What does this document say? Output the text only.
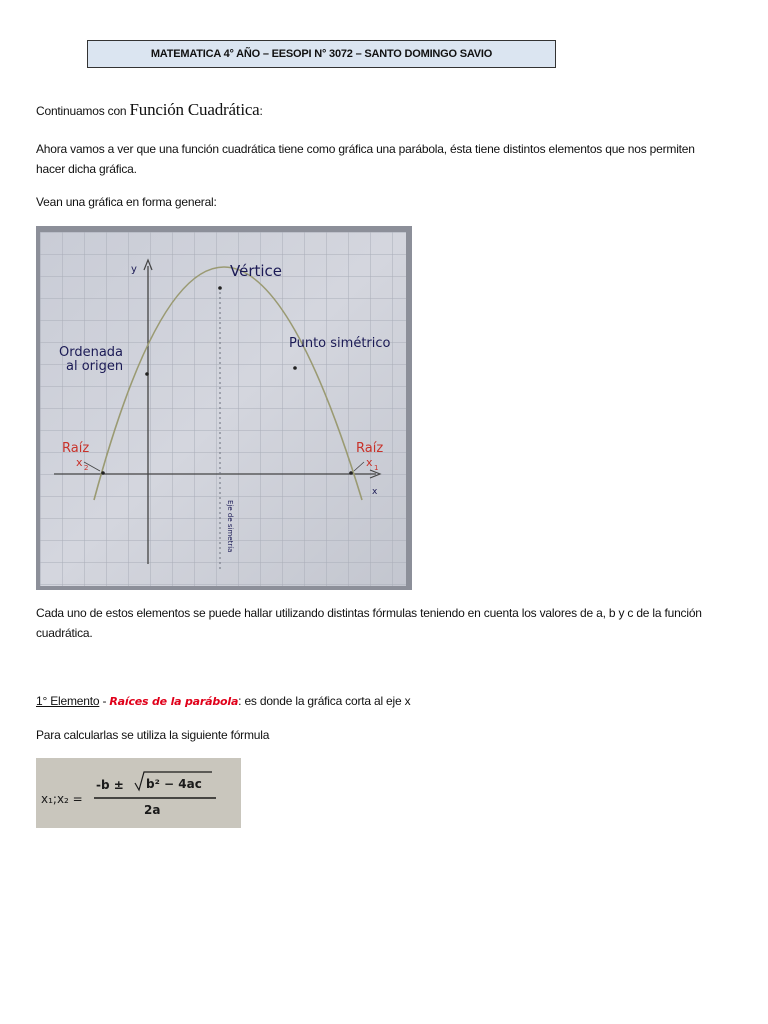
MATEMATICA 4° AÑO – EESOPI N° 3072 – SANTO DOMINGO SAVIO
Continuamos con Función Cuadrática:
Ahora vamos a ver que una función cuadrática tiene como gráfica una parábola, ésta tiene distintos elementos que nos permiten hacer dicha gráfica.
Vean una gráfica en forma general:
y
x
Vértice
Ordenada
al origen
Punto simétrico
Raíz
x 2
Raíz
x 1
Eje de simetría
Cada uno de estos elementos se puede hallar utilizando distintas fórmulas teniendo en cuenta los valores de a, b y c de la función cuadrática.
1° Elemento - Raíces de la parábola: es donde la gráfica corta al eje x
Para calcularlas se utiliza la siguiente fórmula
x₁;x₂ =
-b ± b² − 4ac
2a
